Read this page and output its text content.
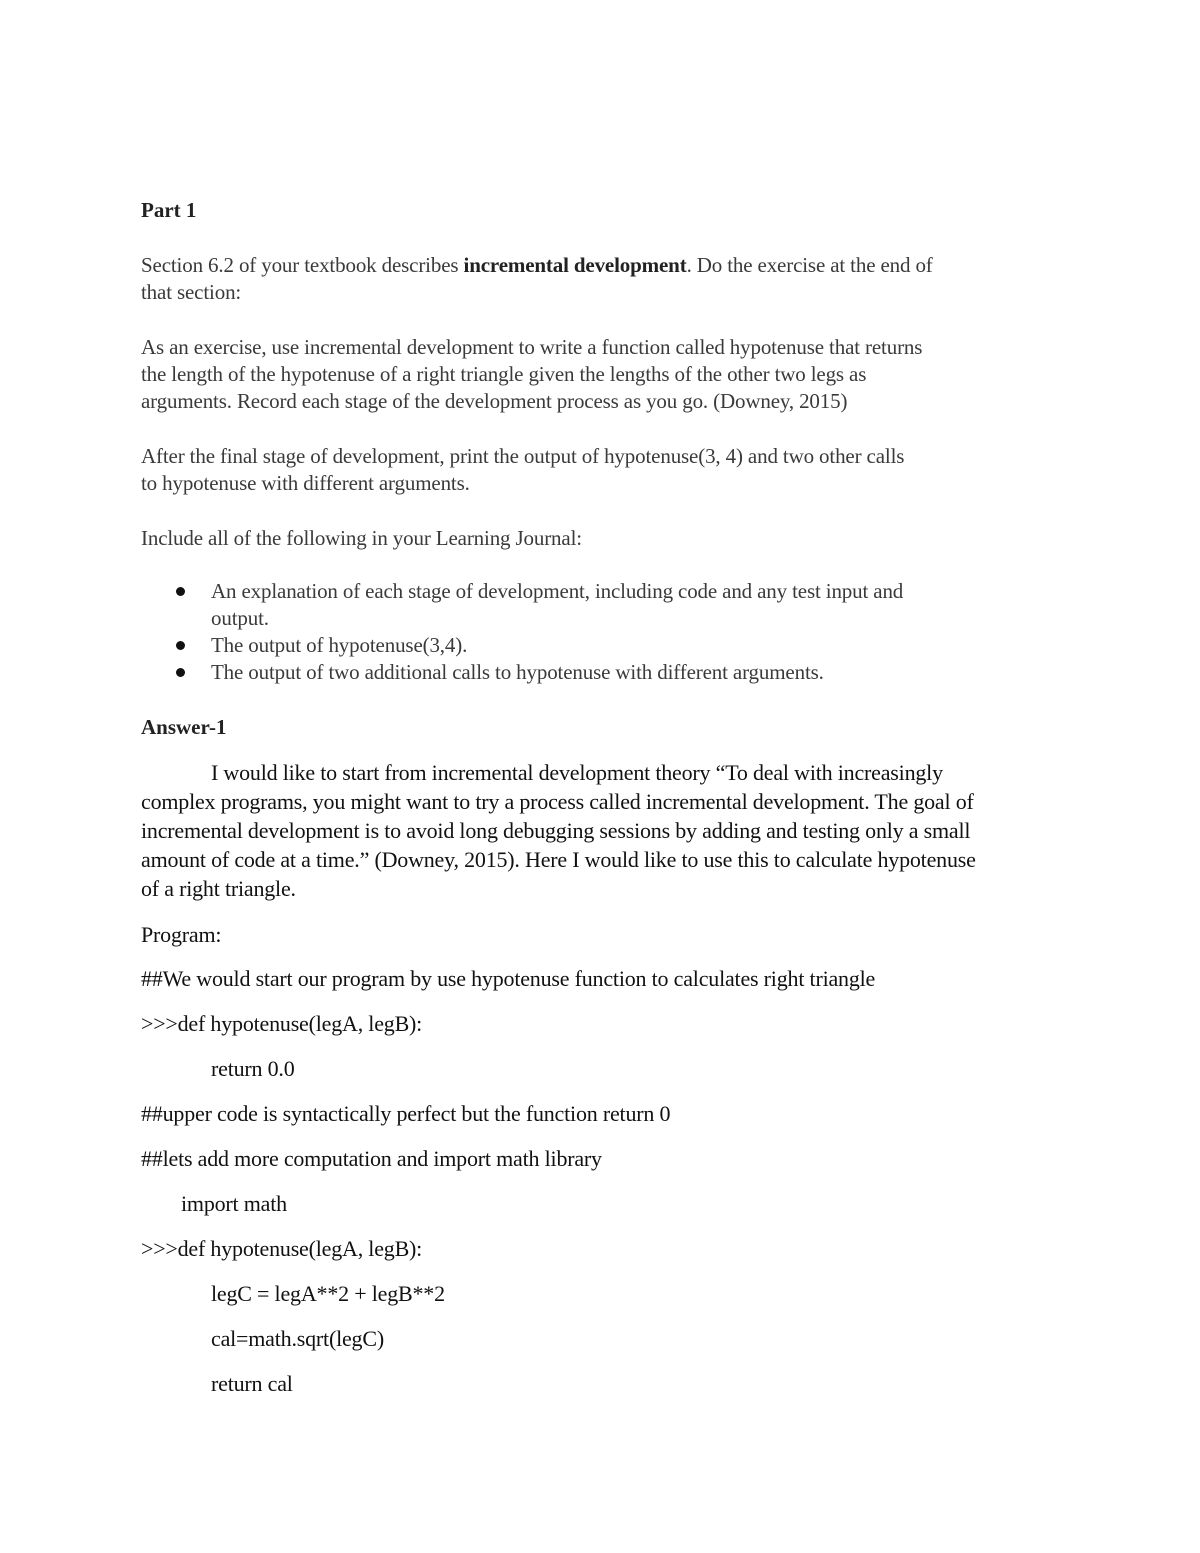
Part 1

Section 6.2 of your textbook describes incremental development. Do the exercise at the end of

that section:

As an exercise, use incremental development to write a function called hypotenuse that returns

the length of the hypotenuse of a right triangle given the lengths of the other two legs as

arguments. Record each stage of the development process as you go. (Downey, 2015)

After the final stage of development, print the output of hypotenuse(3, 4) and two other calls

to hypotenuse with different arguments.

Include all of the following in your Learning Journal:

An explanation of each stage of development, including code and any test input and

output.

The output of hypotenuse(3,4).

The output of two additional calls to hypotenuse with different arguments.

Answer-1

I would like to start from incremental development theory “To deal with increasingly

complex programs, you might want to try a process called incremental development. The goal of

incremental development is to avoid long debugging sessions by adding and testing only a small

amount of code at a time.” (Downey, 2015). Here I would like to use this to calculate hypotenuse

of a right triangle.

Program:

##We would start our program by use hypotenuse function to calculates right triangle

>>>def hypotenuse(legA, legB):

return 0.0

##upper code is syntactically perfect but the function return 0

##lets add more computation and import math library

import math

>>>def hypotenuse(legA, legB):

legC = legA**2 + legB**2

cal=math.sqrt(legC)

return cal
